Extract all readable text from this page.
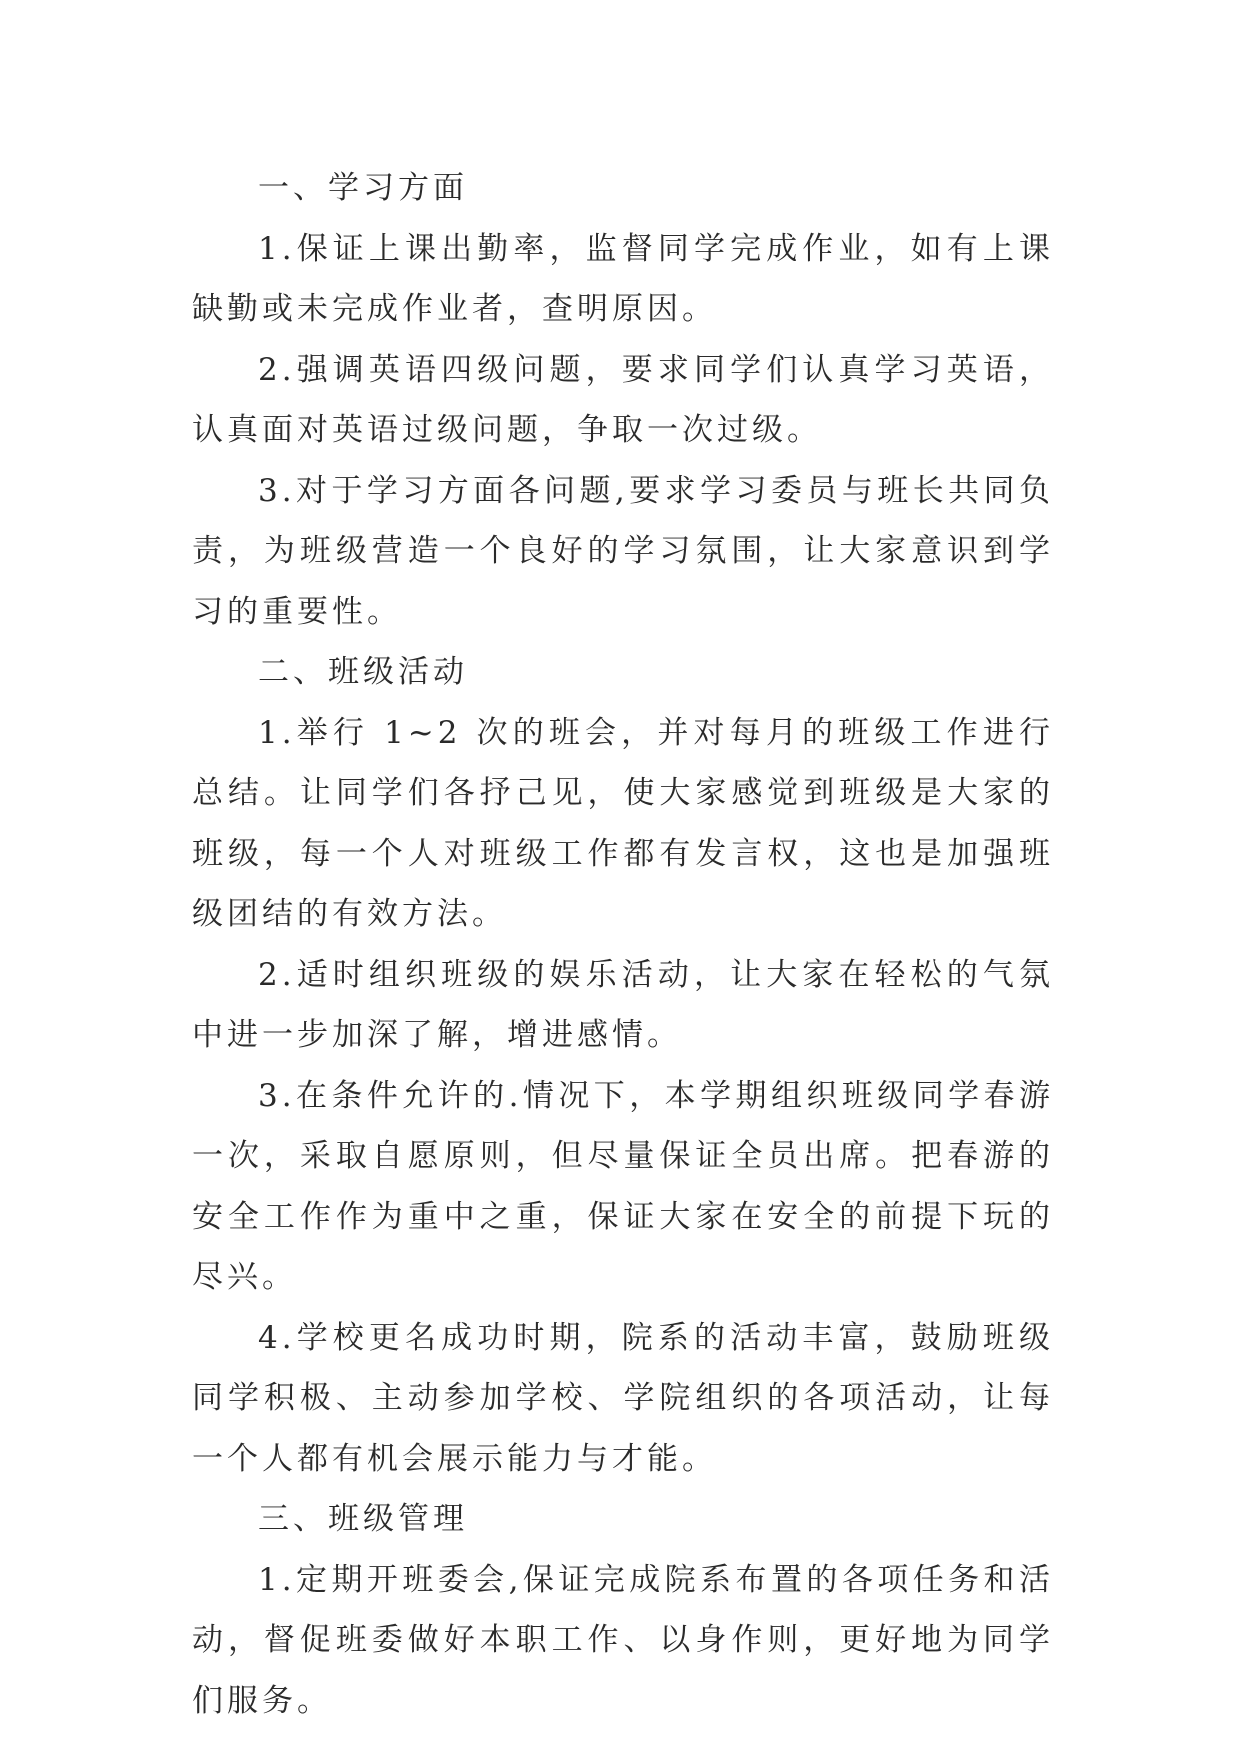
一、学习方面

1.保证上课出勤率，监督同学完成作业，如有上课缺勤或未完成作业者，查明原因。

2.强调英语四级问题，要求同学们认真学习英语，认真面对英语过级问题，争取一次过级。

3.对于学习方面各问题,要求学习委员与班长共同负责，为班级营造一个良好的学习氛围，让大家意识到学习的重要性。

二、班级活动

1.举行 1~2 次的班会，并对每月的班级工作进行总结。让同学们各抒己见，使大家感觉到班级是大家的班级，每一个人对班级工作都有发言权，这也是加强班级团结的有效方法。

2.适时组织班级的娱乐活动，让大家在轻松的气氛中进一步加深了解，增进感情。

3.在条件允许的.情况下，本学期组织班级同学春游一次，采取自愿原则，但尽量保证全员出席。把春游的安全工作作为重中之重，保证大家在安全的前提下玩的尽兴。

4.学校更名成功时期，院系的活动丰富，鼓励班级同学积极、主动参加学校、学院组织的各项活动，让每一个人都有机会展示能力与才能。

三、班级管理

1.定期开班委会,保证完成院系布置的各项任务和活动，督促班委做好本职工作、以身作则，更好地为同学们服务。
